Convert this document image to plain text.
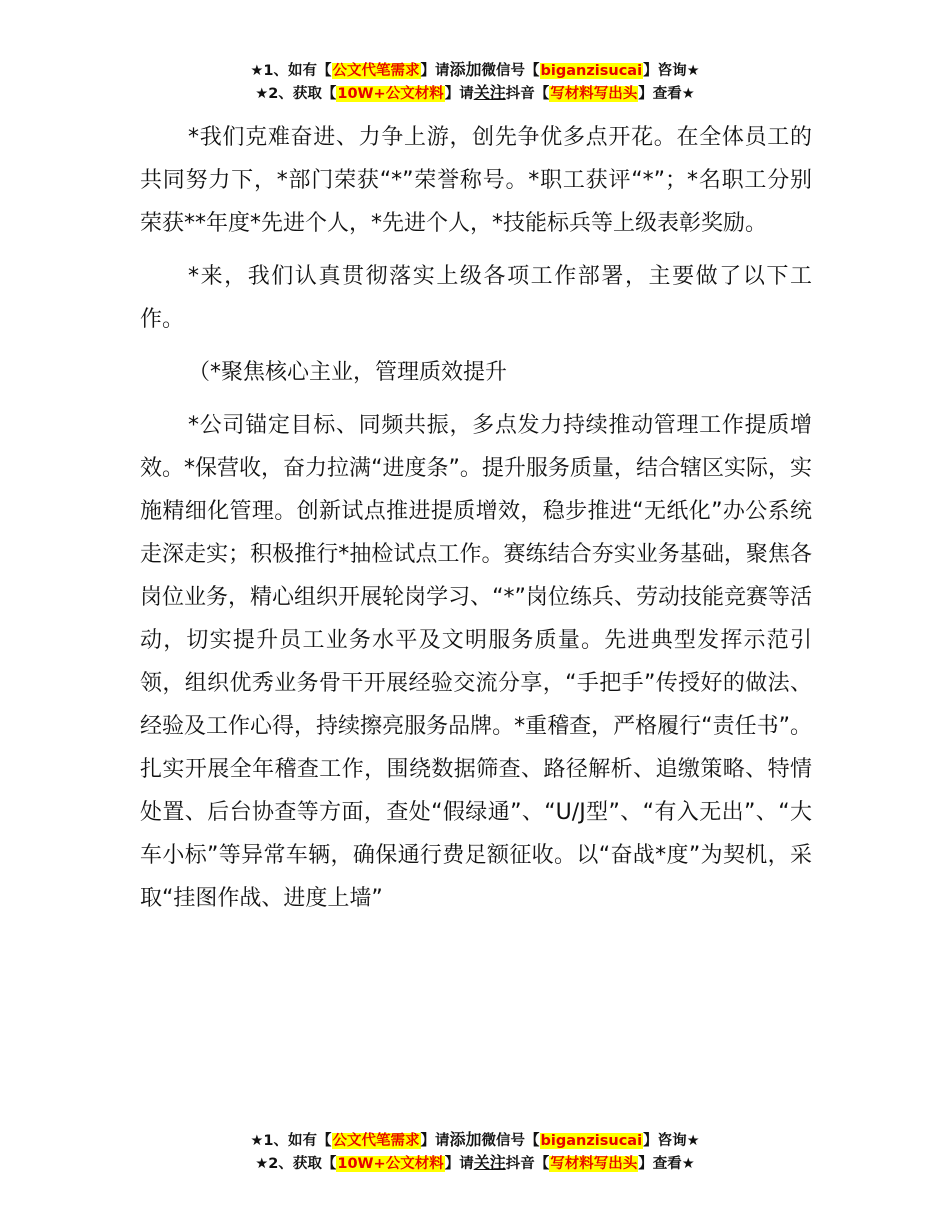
★1、如有【公文代笔需求】请添加微信号【biganzisucai】咨询★
★2、获取【10W+公文材料】请关注抖音【写材料写出头】查看★

*我们克难奋进、力争上游，创先争优多点开花。在全体员工的共同努力下，*部门荣获“*”荣誉称号。*职工获评“*”；*名职工分别荣获**年度*先进个人，*先进个人，*技能标兵等上级表彰奖励。

*来，我们认真贯彻落实上级各项工作部署，主要做了以下工作。

（*聚焦核心主业，管理质效提升

*公司锚定目标、同频共振，多点发力持续推动管理工作提质增效。*保营收，奋力拉满“进度条”。提升服务质量，结合辖区实际，实施精细化管理。创新试点推进提质增效，稳步推进“无纸化”办公系统走深走实；积极推行*抽检试点工作。赛练结合夯实业务基础，聚焦各岗位业务，精心组织开展轮岗学习、“*”岗位练兵、劳动技能竞赛等活动，切实提升员工业务水平及文明服务质量。先进典型发挥示范引领，组织优秀业务骨干开展经验交流分享，“手把手”传授好的做法、经验及工作心得，持续擦亮服务品牌。*重稽查，严格履行“责任书”。扎实开展全年稽查工作，围绕数据筛查、路径解析、追缴策略、特情处置、后台协查等方面，查处“假绿通”、“U/J型”、“有入无出”、“大车小标”等异常车辆，确保通行费足额征收。以“奋战*度”为契机，采取“挂图作战、进度上墙”

★1、如有【公文代笔需求】请添加微信号【biganzisucai】咨询★
★2、获取【10W+公文材料】请关注抖音【写材料写出头】查看★
